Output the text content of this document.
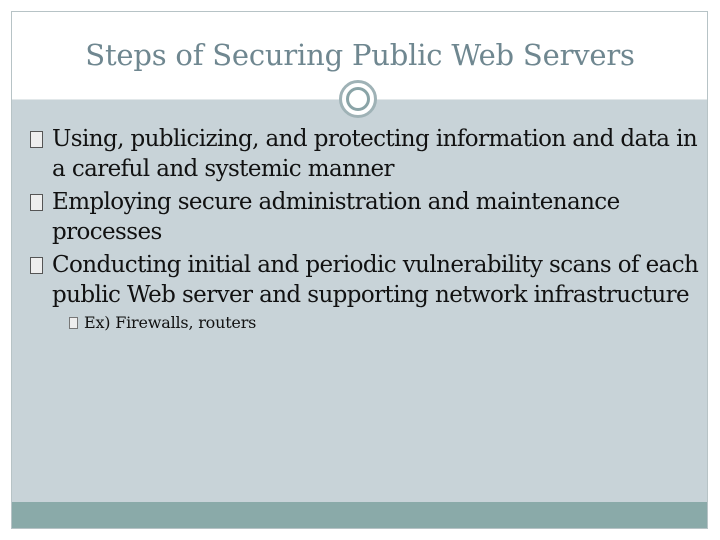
Steps of Securing Public Web Servers
Using, publicizing, and protecting information and data in a careful and systemic manner
Employing secure administration and maintenance processes
Conducting initial and periodic vulnerability scans of each public Web server and supporting network infrastructure
Ex) Firewalls, routers
